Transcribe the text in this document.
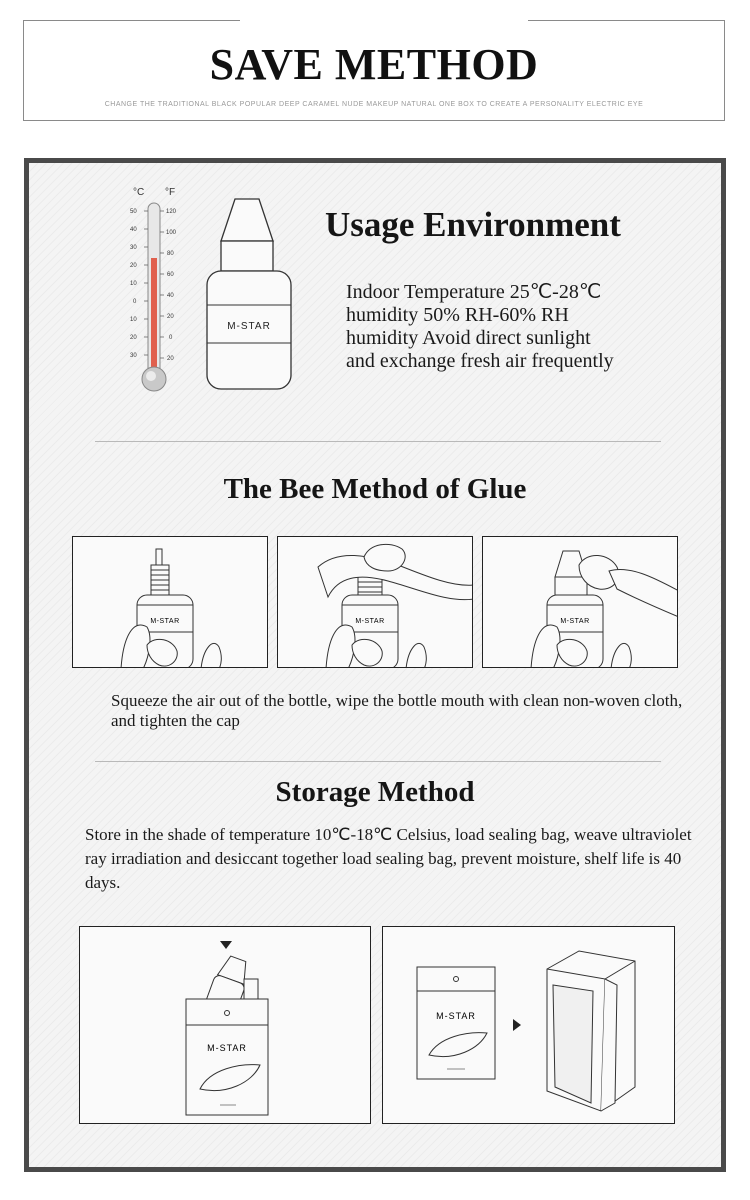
SAVE METHOD
CHANGE THE TRADITIONAL BLACK POPULAR DEEP CARAMEL NUDE MAKEUP NATURAL ONE BOX TO CREATE A PERSONALITY ELECTRIC EYE
°C °F
50
40
30
20
10
0
10
20
30
120
100
80
60
40
20
0
20
M-STAR
Usage Environment
Indoor Temperature 25℃-28℃
humidity 50% RH-60% RH
humidity Avoid direct sunlight
and exchange fresh air frequently
The Bee Method of Glue
M-STAR	M-STAR	M-STAR
Squeeze the air out of the bottle, wipe the bottle mouth with clean non-woven cloth, and tighten the cap
Storage Method
Store in the shade of temperature 10℃-18℃ Celsius, load sealing bag, weave ultraviolet ray irradiation and desiccant together load sealing bag, prevent moisture, shelf life is 40 days.
M-STAR
M-STAR
